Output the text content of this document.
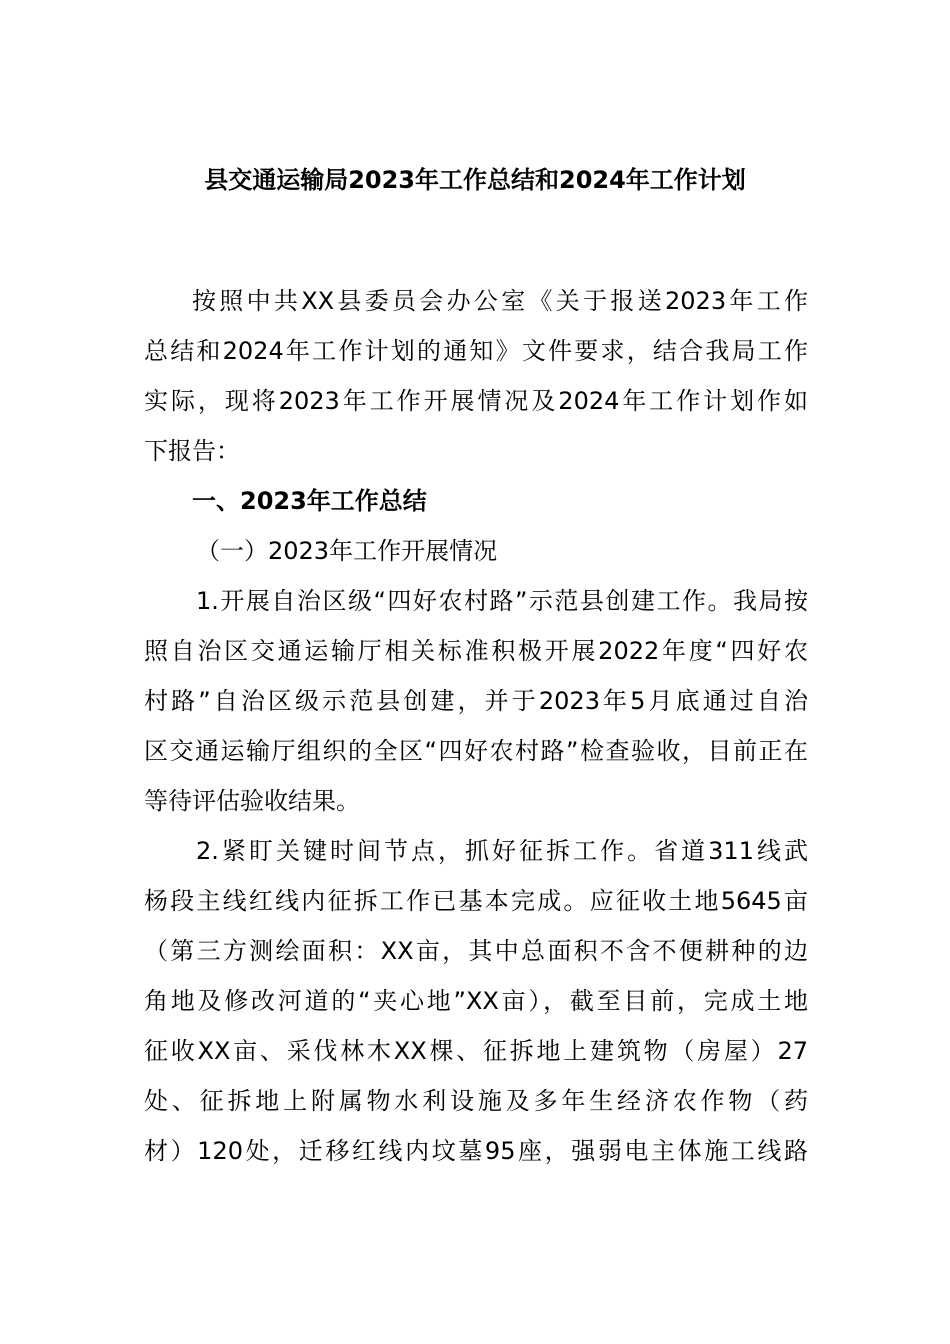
县交通运输局2023年工作总结和2024年工作计划

按照中共XX县委员会办公室《关于报送2023年工作

总结和2024年工作计划的通知》文件要求，结合我局工作

实际，现将2023年工作开展情况及2024年工作计划作如

下报告：

一、2023年工作总结

（一）2023年工作开展情况

1.开展自治区级“四好农村路”示范县创建工作。我局按

照自治区交通运输厅相关标准积极开展2022年度“四好农

村路”自治区级示范县创建，并于2023年5月底通过自治

区交通运输厅组织的全区“四好农村路”检查验收，目前正在

等待评估验收结果。

2.紧盯关键时间节点，抓好征拆工作。省道311线武

杨段主线红线内征拆工作已基本完成。应征收土地5645亩

（第三方测绘面积：XX亩，其中总面积不含不便耕种的边

角地及修改河道的“夹心地”XX亩），截至目前，完成土地

征收XX亩、采伐林木XX棵、征拆地上建筑物（房屋）27

处、征拆地上附属物水利设施及多年生经济农作物（药

材）120处，迁移红线内坟墓95座，强弱电主体施工线路
